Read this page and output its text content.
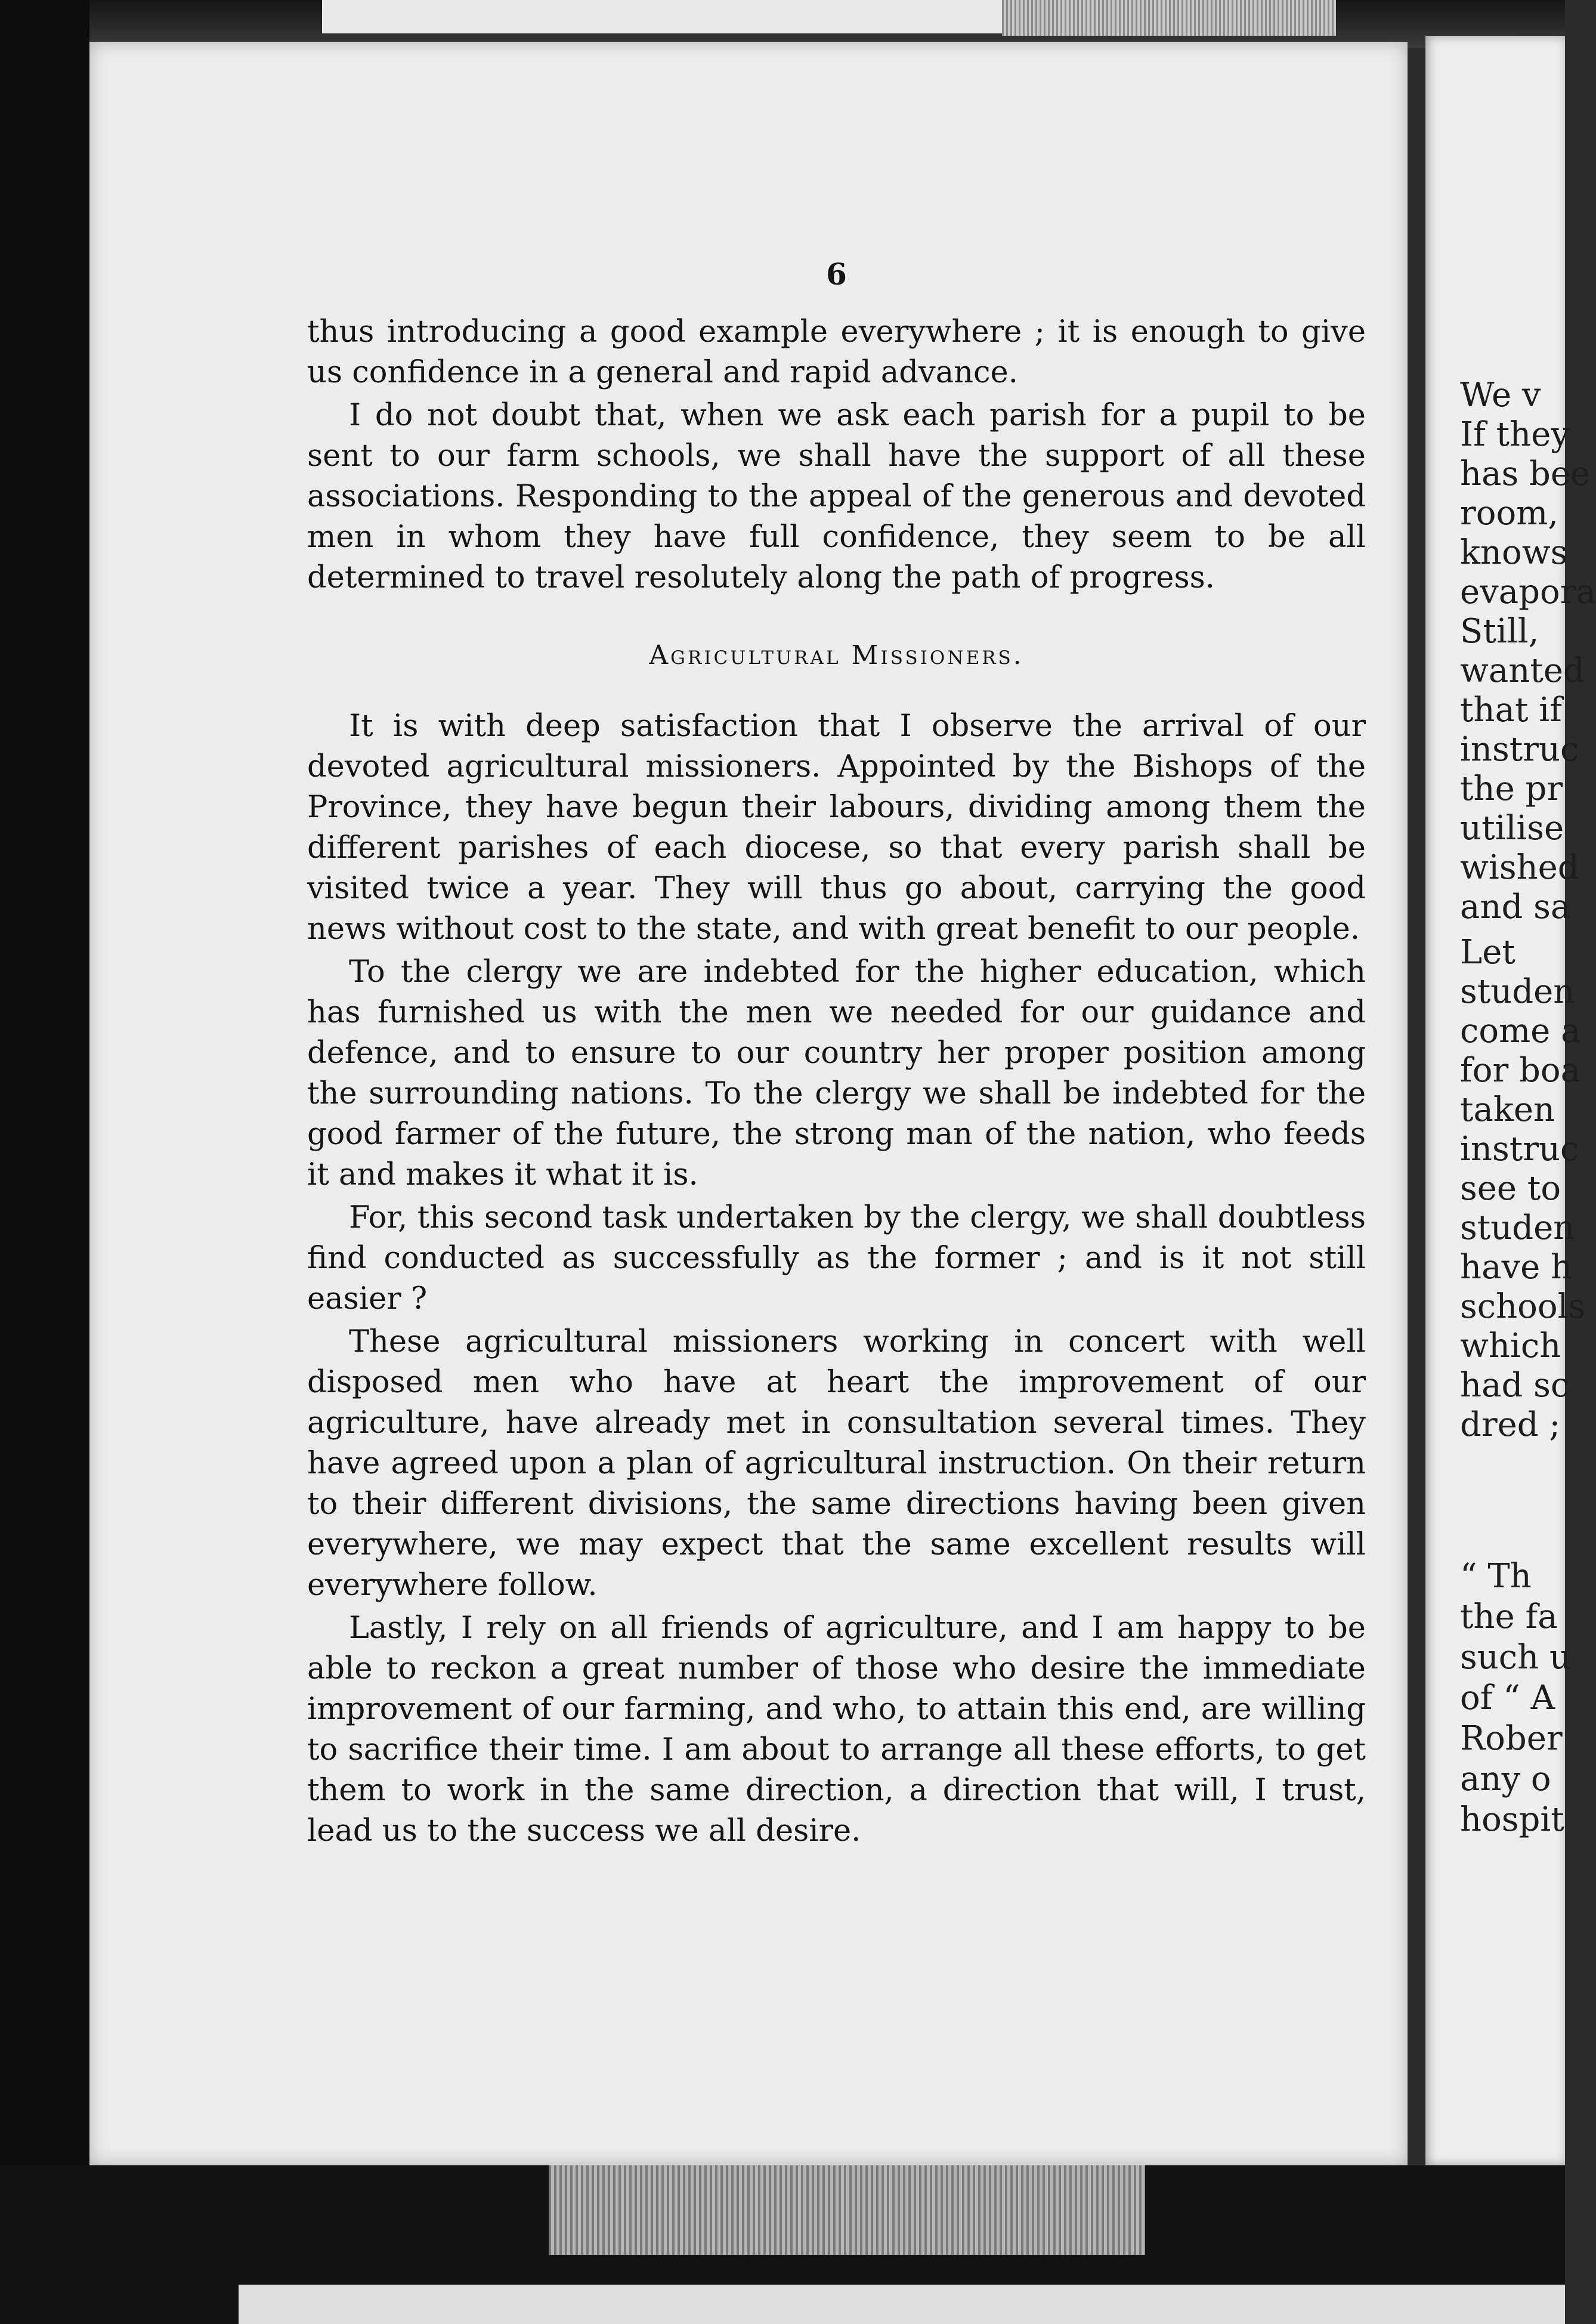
6

thus introducing a good example everywhere ; it is enough to give us confidence in a general and rapid advance.

I do not doubt that, when we ask each parish for a pupil to be sent to our farm schools, we shall have the support of all these associations. Responding to the appeal of the generous and devoted men in whom they have full confidence, they seem to be all determined to travel resolutely along the path of progress.

Agricultural Missioners.

It is with deep satisfaction that I observe the arrival of our devoted agricultural missioners. Appointed by the Bishops of the Province, they have begun their labours, dividing among them the different parishes of each diocese, so that every parish shall be visited twice a year. They will thus go about, carrying the good news without cost to the state, and with great benefit to our people.

To the clergy we are indebted for the higher education, which has furnished us with the men we needed for our guidance and defence, and to ensure to our country her proper position among the surrounding nations. To the clergy we shall be indebted for the good farmer of the future, the strong man of the nation, who feeds it and makes it what it is.

For, this second task undertaken by the clergy, we shall doubtless find conducted as successfully as the former ; and is it not still easier ?

These agricultural missioners working in concert with well disposed men who have at heart the improvement of our agriculture, have already met in consultation several times. They have agreed upon a plan of agricultural instruction. On their return to their different divisions, the same directions having been given everywhere, we may expect that the same excellent results will everywhere follow.

Lastly, I rely on all friends of agriculture, and I am happy to be able to reckon a great number of those who desire the immediate improvement of our farming, and who, to attain this end, are willing to sacrifice their time. I am about to arrange all these efforts, to get them to work in the same direction, a direction that will, I trust, lead us to the success we all desire.

We v
If they
has bee
room,
knows
evapora
Still,
wanted
that if
instruc
the pr
utilise
wished
and sa
Let
studen
come a
for boa
taken
instruc
see to
studen
have h
schools
which
had sc
dred ;
“ Th
the fa
such u
of “ A
Rober
any o
hospit
